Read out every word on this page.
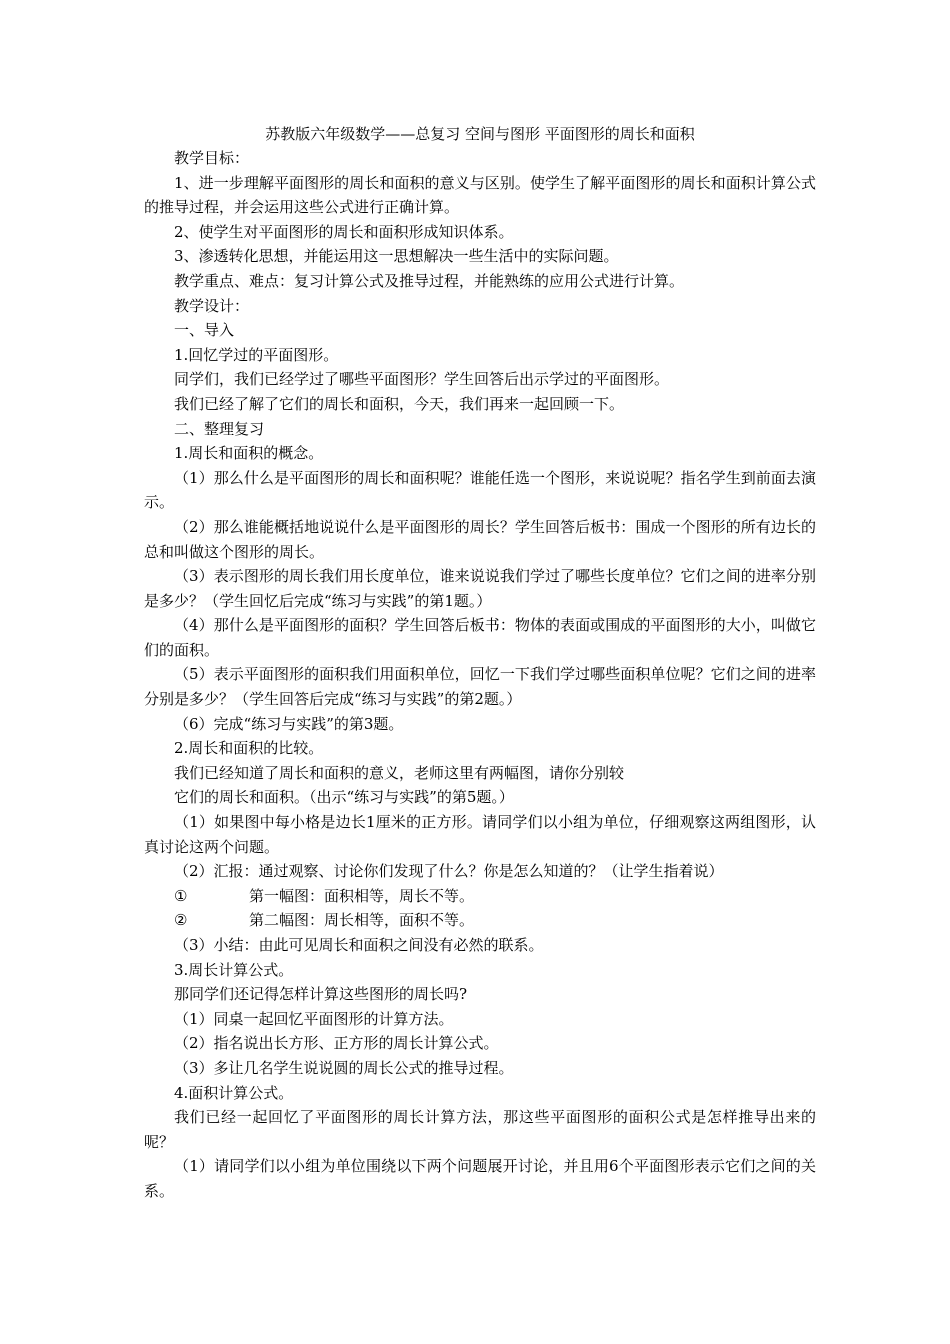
苏教版六年级数学——总复习 空间与图形 平面图形的周长和面积

教学目标：

1、进一步理解平面图形的周长和面积的意义与区别。使学生了解平面图形的周长和面积计算公式的推导过程，并会运用这些公式进行正确计算。

2、使学生对平面图形的周长和面积形成知识体系。

3、渗透转化思想，并能运用这一思想解决一些生活中的实际问题。

教学重点、难点：复习计算公式及推导过程，并能熟练的应用公式进行计算。

教学设计：

一、导入

1.回忆学过的平面图形。

同学们，我们已经学过了哪些平面图形？学生回答后出示学过的平面图形。

我们已经了解了它们的周长和面积，今天，我们再来一起回顾一下。

二、整理复习

1.周长和面积的概念。

（1）那么什么是平面图形的周长和面积呢？谁能任选一个图形，来说说呢？指名学生到前面去演示。

（2）那么谁能概括地说说什么是平面图形的周长？学生回答后板书：围成一个图形的所有边长的总和叫做这个图形的周长。

（3）表示图形的周长我们用长度单位，谁来说说我们学过了哪些长度单位？它们之间的进率分别是多少？（学生回忆后完成“练习与实践”的第1题。）

（4）那什么是平面图形的面积？学生回答后板书：物体的表面或围成的平面图形的大小，叫做它们的面积。

（5）表示平面图形的面积我们用面积单位，回忆一下我们学过哪些面积单位呢？它们之间的进率分别是多少？（学生回答后完成“练习与实践”的第2题。）

（6）完成“练习与实践”的第3题。

2.周长和面积的比较。

我们已经知道了周长和面积的意义，老师这里有两幅图，请你分别较

它们的周长和面积。（出示“练习与实践”的第5题。）

（1）如果图中每小格是边长1厘米的正方形。请同学们以小组为单位，仔细观察这两组图形，认真讨论这两个问题。

（2）汇报：通过观察、讨论你们发现了什么？你是怎么知道的？（让学生指着说）

①	第一幅图：面积相等，周长不等。
②	第二幅图：周长相等，面积不等。

（3）小结：由此可见周长和面积之间没有必然的联系。

3.周长计算公式。

那同学们还记得怎样计算这些图形的周长吗?

（1）同桌一起回忆平面图形的计算方法。

（2）指名说出长方形、正方形的周长计算公式。

（3）多让几名学生说说圆的周长公式的推导过程。

4.面积计算公式。

我们已经一起回忆了平面图形的周长计算方法，那这些平面图形的面积公式是怎样推导出来的呢？

（1）请同学们以小组为单位围绕以下两个问题展开讨论，并且用6个平面图形表示它们之间的关系。
